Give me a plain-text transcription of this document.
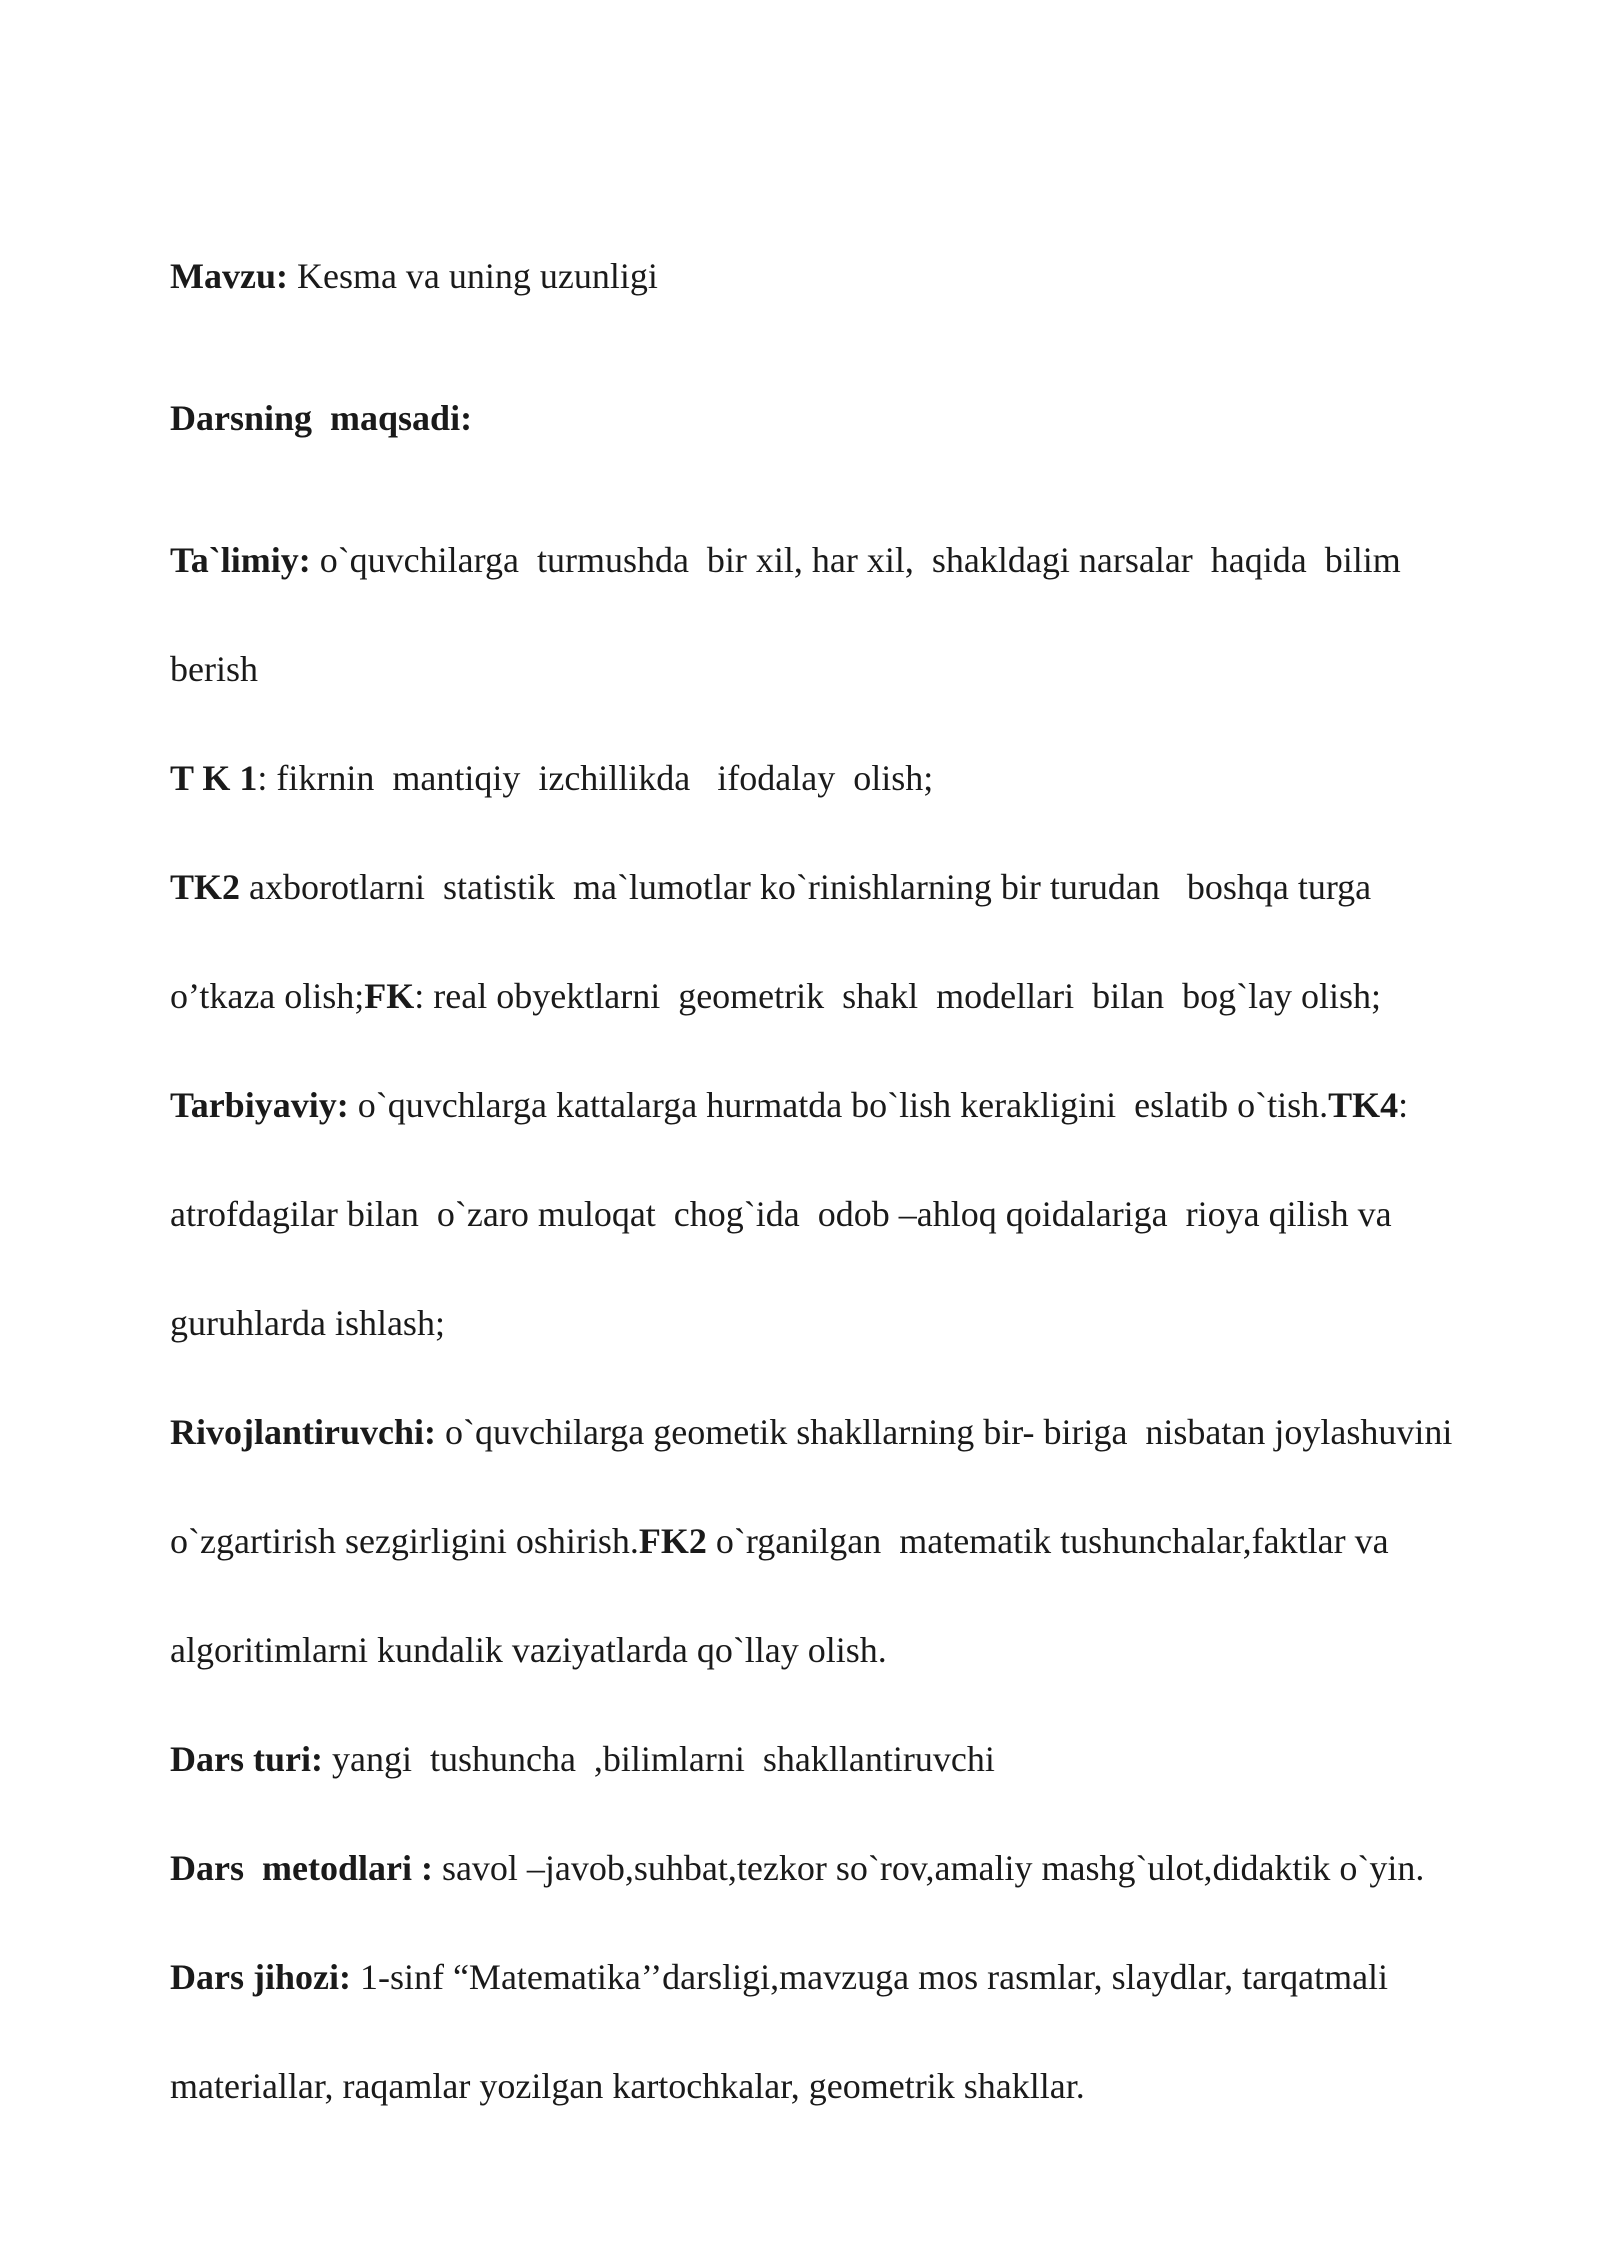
Mavzu: Kesma va uning uzunligi

Darsning  maqsadi:

Ta`limiy: o`quvchilarga  turmushda  bir xil, har xil,  shakldagi narsalar  haqida  bilim

berish

T K 1: fikrnin  mantiqiy  izchillikda   ifodalay  olish;

TK2 axborotlarni  statistik  ma`lumotlar ko`rinishlarning bir turudan   boshqa turga

o’tkaza olish;FK: real obyektlarni  geometrik  shakl  modellari  bilan  bog`lay olish;

Tarbiyaviy: o`quvchlarga kattalarga hurmatda bo`lish kerakligini  eslatib o`tish.TK4:

atrofdagilar bilan  o`zaro muloqat  chog`ida  odob –ahloq qoidalariga  rioya qilish va

guruhlarda ishlash;

Rivojlantiruvchi: o`quvchilarga geometik shakllarning bir- biriga  nisbatan joylashuvini

o`zgartirish sezgirligini oshirish.FK2 o`rganilgan  matematik tushunchalar,faktlar va

algoritimlarni kundalik vaziyatlarda qo`llay olish.

Dars turi: yangi  tushuncha  ,bilimlarni  shakllantiruvchi

Dars  metodlari : savol –javob,suhbat,tezkor so`rov,amaliy mashg`ulot,didaktik o`yin.

Dars jihozi: 1-sinf “Matematika’’darsligi,mavzuga mos rasmlar, slaydlar, tarqatmali

materiallar, raqamlar yozilgan kartochkalar, geometrik shakllar.
